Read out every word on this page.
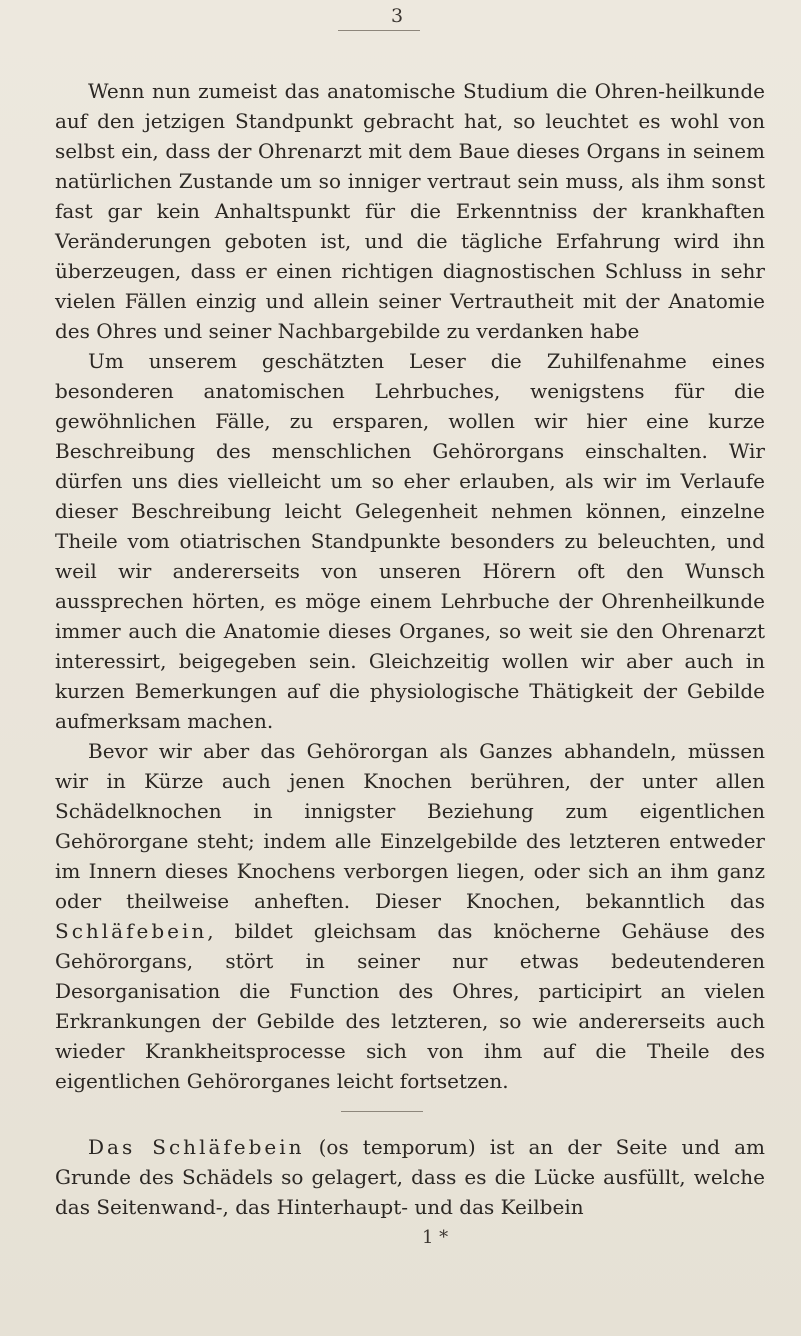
3

Wenn nun zumeist das anatomische Studium die Ohren-heilkunde auf den jetzigen Standpunkt gebracht hat, so leuchtet es wohl von selbst ein, dass der Ohrenarzt mit dem Baue dieses Organs in seinem natürlichen Zustande um so inniger vertraut sein muss, als ihm sonst fast gar kein Anhaltspunkt für die Erkenntniss der krankhaften Veränderungen geboten ist, und die tägliche Erfahrung wird ihn überzeugen, dass er einen richtigen diagnostischen Schluss in sehr vielen Fällen einzig und allein seiner Vertrautheit mit der Anatomie des Ohres und seiner Nachbargebilde zu verdanken habe

Um unserem geschätzten Leser die Zuhilfenahme eines besonderen anatomischen Lehrbuches, wenigstens für die gewöhnlichen Fälle, zu ersparen, wollen wir hier eine kurze Beschreibung des menschlichen Gehörorgans einschalten. Wir dürfen uns dies vielleicht um so eher erlauben, als wir im Verlaufe dieser Beschreibung leicht Gelegenheit nehmen können, einzelne Theile vom otiatrischen Standpunkte besonders zu beleuchten, und weil wir andererseits von unseren Hörern oft den Wunsch aussprechen hörten, es möge einem Lehrbuche der Ohrenheilkunde immer auch die Anatomie dieses Organes, so weit sie den Ohrenarzt interessirt, beigegeben sein. Gleichzeitig wollen wir aber auch in kurzen Bemerkungen auf die physiologische Thätigkeit der Gebilde aufmerksam machen.

Bevor wir aber das Gehörorgan als Ganzes abhandeln, müssen wir in Kürze auch jenen Knochen berühren, der unter allen Schädelknochen in innigster Beziehung zum eigentlichen Gehörorgane steht; indem alle Einzelgebilde des letzteren entweder im Innern dieses Knochens verborgen liegen, oder sich an ihm ganz oder theilweise anheften. Dieser Knochen, bekanntlich das Schläfebein, bildet gleichsam das knöcherne Gehäuse des Gehörorgans, stört in seiner nur etwas bedeutenderen Desorganisation die Function des Ohres, participirt an vielen Erkrankungen der Gebilde des letzteren, so wie andererseits auch wieder Krankheitsprocesse sich von ihm auf die Theile des eigentlichen Gehörorganes leicht fortsetzen.

Das Schläfebein (os temporum) ist an der Seite und am Grunde des Schädels so gelagert, dass es die Lücke ausfüllt, welche das Seitenwand-, das Hinterhaupt- und das Keilbein

1 *
